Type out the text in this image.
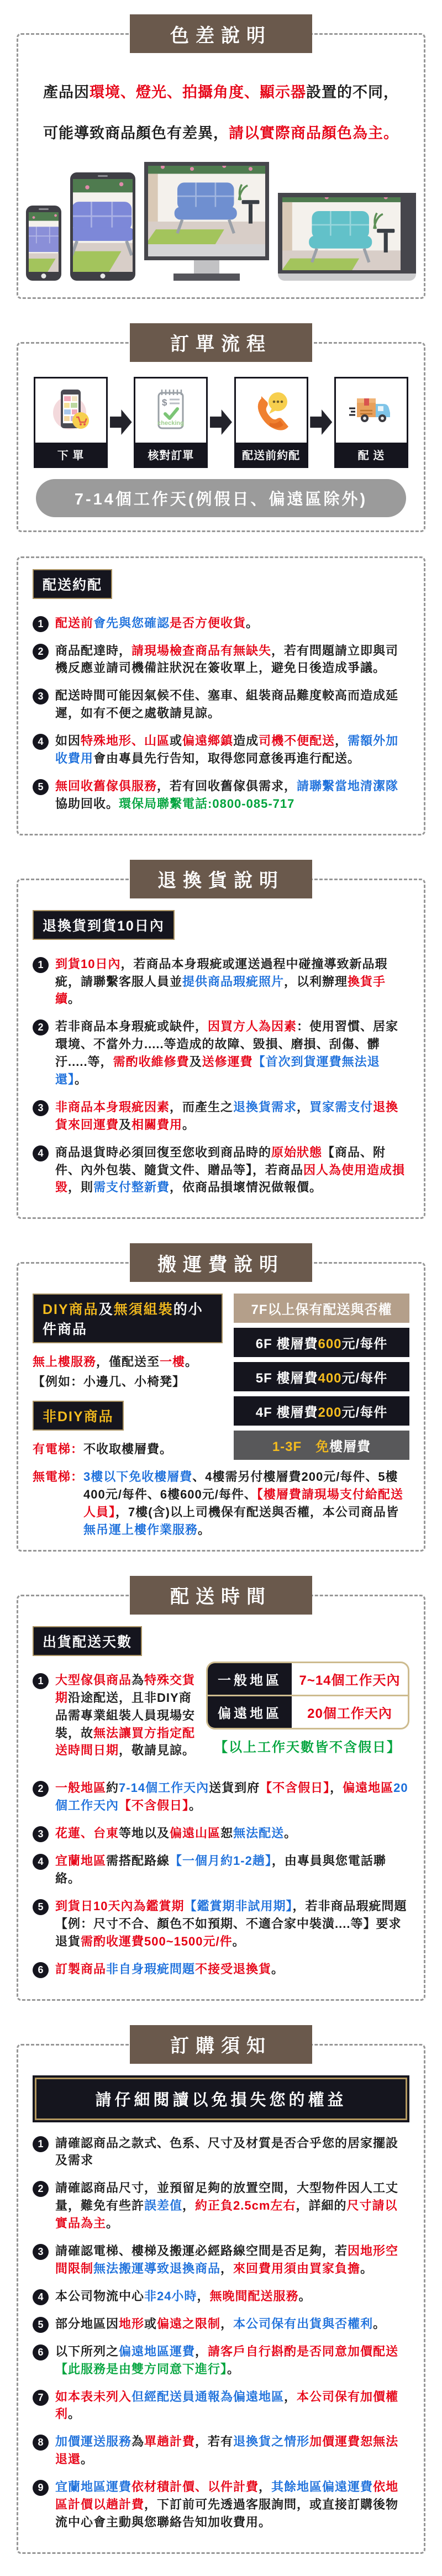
色差說明

產品因環境、燈光、拍攝角度、顯示器設置的不同，

可能導致商品顏色有差異，請以實際商品顏色為主。

訂單流程
下 單
$
checking
核對訂單	配送前約配	配 送
7-14個工作天(例假日、偏遠區除外)
配送約配
1 配送前會先與您確認是否方便收貨。
2 商品配達時，請現場檢查商品有無缺失，若有問題請立即與司機反應並請司機備註狀況在簽收單上，避免日後造成爭議。
3 配送時間可能因氣候不佳、塞車、組裝商品難度較高而造成延遲，如有不便之處敬請見諒。
4 如因特殊地形、山區或偏遠鄉鎮造成司機不便配送，需額外加收費用會由專員先行告知，取得您同意後再進行配送。
5 無回收舊傢俱服務，若有回收舊傢俱需求，請聯繫當地清潔隊協助回收。環保局聯繫電話:0800-085-717
退換貨說明
退換貨到貨10日內
1 到貨10日內，若商品本身瑕疵或運送過程中碰撞導致新品瑕疵，請聯繫客服人員並提供商品瑕疵照片，以利辦理換貨手續。
2 若非商品本身瑕疵或缺件，因買方人為因素：使用習慣、居家環境、不當外力.....等造成的故障、毀損、磨損、刮傷、髒汙.....等，需酌收維修費及送修運費【首次到貨運費無法退還】。
3 非商品本身瑕疵因素，而產生之退換貨需求，買家需支付退換貨來回運費及相關費用。
4 商品退貨時必須回復至您收到商品時的原始狀態【商品、附件、內外包裝、隨貨文件、贈品等】，若商品因人為使用造成損毀，則需支付整新費，依商品損壞情況做報價。
搬運費說明
DIY商品及無須組裝的小件商品

無上樓服務，僅配送至一樓。

【例如：小邊几、小椅凳】

非DIY商品

有電梯：不收取樓層費。

7F以上保有配送與否權
6F 樓層費600元/每件
5F 樓層費400元/每件
4F 樓層費200元/每件
1-3F　 免樓層費
無電梯： 3樓以下免收樓層費、4樓需另付樓層費200元/每件、5樓400元/每件、6樓600元/每件、【樓層費請現場支付給配送人員】，7樓(含)以上司機保有配送與否權，本公司商品皆無吊運上樓作業服務。
配送時間
出貨配送天數
1 大型傢俱商品為特殊交貨期沿途配送，且非DIY商品需專業組裝人員現場安裝，故無法讓買方指定配送時間日期，敬請見諒。
一般地區	7~14個工作天內
偏遠地區	20個工作天內
【以上工作天數皆不含假日】
2 一般地區約7-14個工作天內送貨到府【不含假日】，偏遠地區20個工作天內【不含假日】。
3 花蓮、台東等地以及偏遠山區恕無法配送。
4 宜蘭地區需搭配路線【一個月約1-2趟】，由專員與您電話聯絡。
5 到貨日10天內為鑑賞期【鑑賞期非試用期】，若非商品瑕疵問題【例：尺寸不合、顏色不如預期、不適合家中裝潢....等】要求退貨需酌收運費500~1500元/件。
6 訂製商品非自身瑕疵問題不接受退換貨。
訂購須知
請仔細閱讀以免損失您的權益
1 請確認商品之款式、色系、尺寸及材質是否合乎您的居家擺設及需求
2 請確認商品尺寸，並預留足夠的放置空間，大型物件因人工丈量，難免有些許誤差值，約正負2.5cm左右，詳細的尺寸請以實品為主。
3 請確認電梯、樓梯及搬運必經路線空間是否足夠，若因地形空間限制無法搬運導致退換商品，來回費用須由買家負擔。
4 本公司物流中心非24小時，無晚間配送服務。
5 部分地區因地形或偏遠之限制，本公司保有出貨與否權利。
6 以下所列之偏遠地區運費，請客戶自行斟酌是否同意加價配送【此服務是由雙方同意下進行】。
7 如本表未列入但經配送員通報為偏遠地區，本公司保有加價權利。
8 加價運送服務為單趟計費，若有退換貨之情形加價運費恕無法退還。
9 宜蘭地區運費依材積計價、以件計費，其餘地區偏遠運費依地區計價以趟計費，下訂前可先透過客服詢問，或直接訂購後物流中心會主動與您聯絡告知加收費用。
